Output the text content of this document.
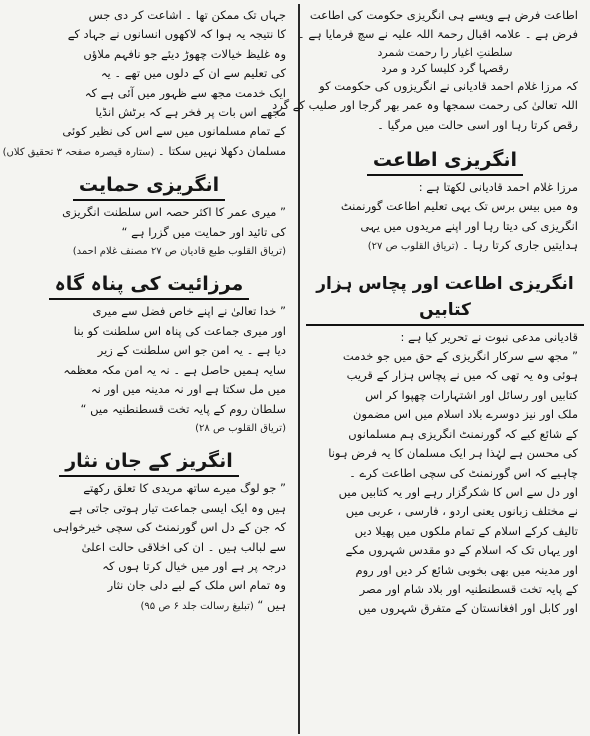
اطاعت فرض ہے ویسے ہی انگریزی حکومت کی اطاعت
فرض ہے ۔ علامہ اقبال رحمۃ اللہ علیہ نے سچ فرمایا ہے ۔

سلطنتِ اغیار را رحمت شمرد
رقصہا گرد کلیسا کرد و مرد

کہ مرزا غلام احمد قادیانی نے انگریزوں کی حکومت کو
اللہ تعالیٰ کی رحمت سمجھا وہ عمر بھر گرجا اور صلیب کے گرد
رقص کرتا رہا اور اسی حالت میں مرگیا ۔

انگریزی اطاعت

مرزا غلام احمد قادیانی لکھتا ہے :
وہ میں بیس برس تک یہی تعلیم اطاعت گورنمنٹ
انگریزی کی دیتا رہا اور اپنے مریدوں میں یہی
ہدایتیں جاری کرتا رہا ۔ (تریاق القلوب ص ۲۷)

انگریزی اطاعت اور پچاس ہزار کتابیں

قادیانی مدعی نبوت نے تحریر کیا ہے :
” مجھ سے سرکار انگریزی کے حق میں جو خدمت
ہوئی وہ یہ تھی کہ میں نے پچاس ہزار کے قریب
کتابیں اور رسائل اور اشتہارات چھپوا کر اس
ملک اور نیز دوسرے بلاد اسلام میں اس مضمون
کے شائع کیے کہ گورنمنٹ انگریزی ہم مسلمانوں
کی محسن ہے لہٰذا ہر ایک مسلمان کا یہ فرض ہونا
چاہیے کہ اس گورنمنٹ کی سچی اطاعت کرے ۔
اور دل سے اس کا شکرگزار رہے اور یہ کتابیں میں
نے مختلف زبانوں یعنی اردو ، فارسی ، عربی میں
تالیف کرکے اسلام کے تمام ملکوں میں پھیلا دیں
اور یہاں تک کہ اسلام کے دو مقدس شہروں مکے
اور مدینہ میں بھی بخوبی شائع کر دیں اور روم
کے پایہ تخت قسطنطنیہ اور بلاد شام اور مصر
اور کابل اور افغانستان کے متفرق شہروں میں

جہاں تک ممکن تھا ۔ اشاعت کر دی جس
کا نتیجہ یہ ہوا کہ لاکھوں انسانوں نے جہاد کے
وہ غلیظ خیالات چھوڑ دیئے جو نافہم ملاؤں
کی تعلیم سے ان کے دلوں میں تھے ۔ یہ
ایک خدمت مجھ سے ظہور میں آئی ہے کہ
مجھے اس بات پر فخر ہے کہ برٹش انڈیا
کے تمام مسلمانوں میں سے اس کی نظیر کوئی
مسلمان دکھلا نہیں سکتا ۔ (ستارہ قیصرہ صفحہ ۳ تحقیق کلاں)

انگریزی حمایت

” میری عمر کا اکثر حصہ اس سلطنت انگریزی
کی تائید اور حمایت میں گزرا ہے “
(تریاق القلوب طبع قادیان ص ۲۷ مصنف غلام احمد)

مرزائیت کی پناہ گاہ

” خدا تعالیٰ نے اپنے خاص فضل سے میری
اور میری جماعت کی پناہ اس سلطنت کو بنا
دیا ہے ۔ یہ امن جو اس سلطنت کے زیر
سایہ ہمیں حاصل ہے ۔ نہ یہ امن مکہ معظمہ
میں مل سکتا ہے اور نہ مدینہ میں اور نہ
سلطان روم کے پایہ تخت قسطنطنیہ میں “
(تریاق القلوب ص ۲۸)

انگریز کے جان نثار

” جو لوگ میرے ساتھ مریدی کا تعلق رکھتے
ہیں وہ ایک ایسی جماعت تیار ہوتی جاتی ہے
کہ جن کے دل اس گورنمنٹ کی سچی خیرخواہی
سے لبالب ہیں ۔ ان کی اخلاقی حالت اعلیٰ
درجہ پر ہے اور میں خیال کرتا ہوں کہ
وہ تمام اس ملک کے لیے دلی جان نثار
ہیں “ (تبلیغ رسالت جلد ۶ ص ۹۵)
